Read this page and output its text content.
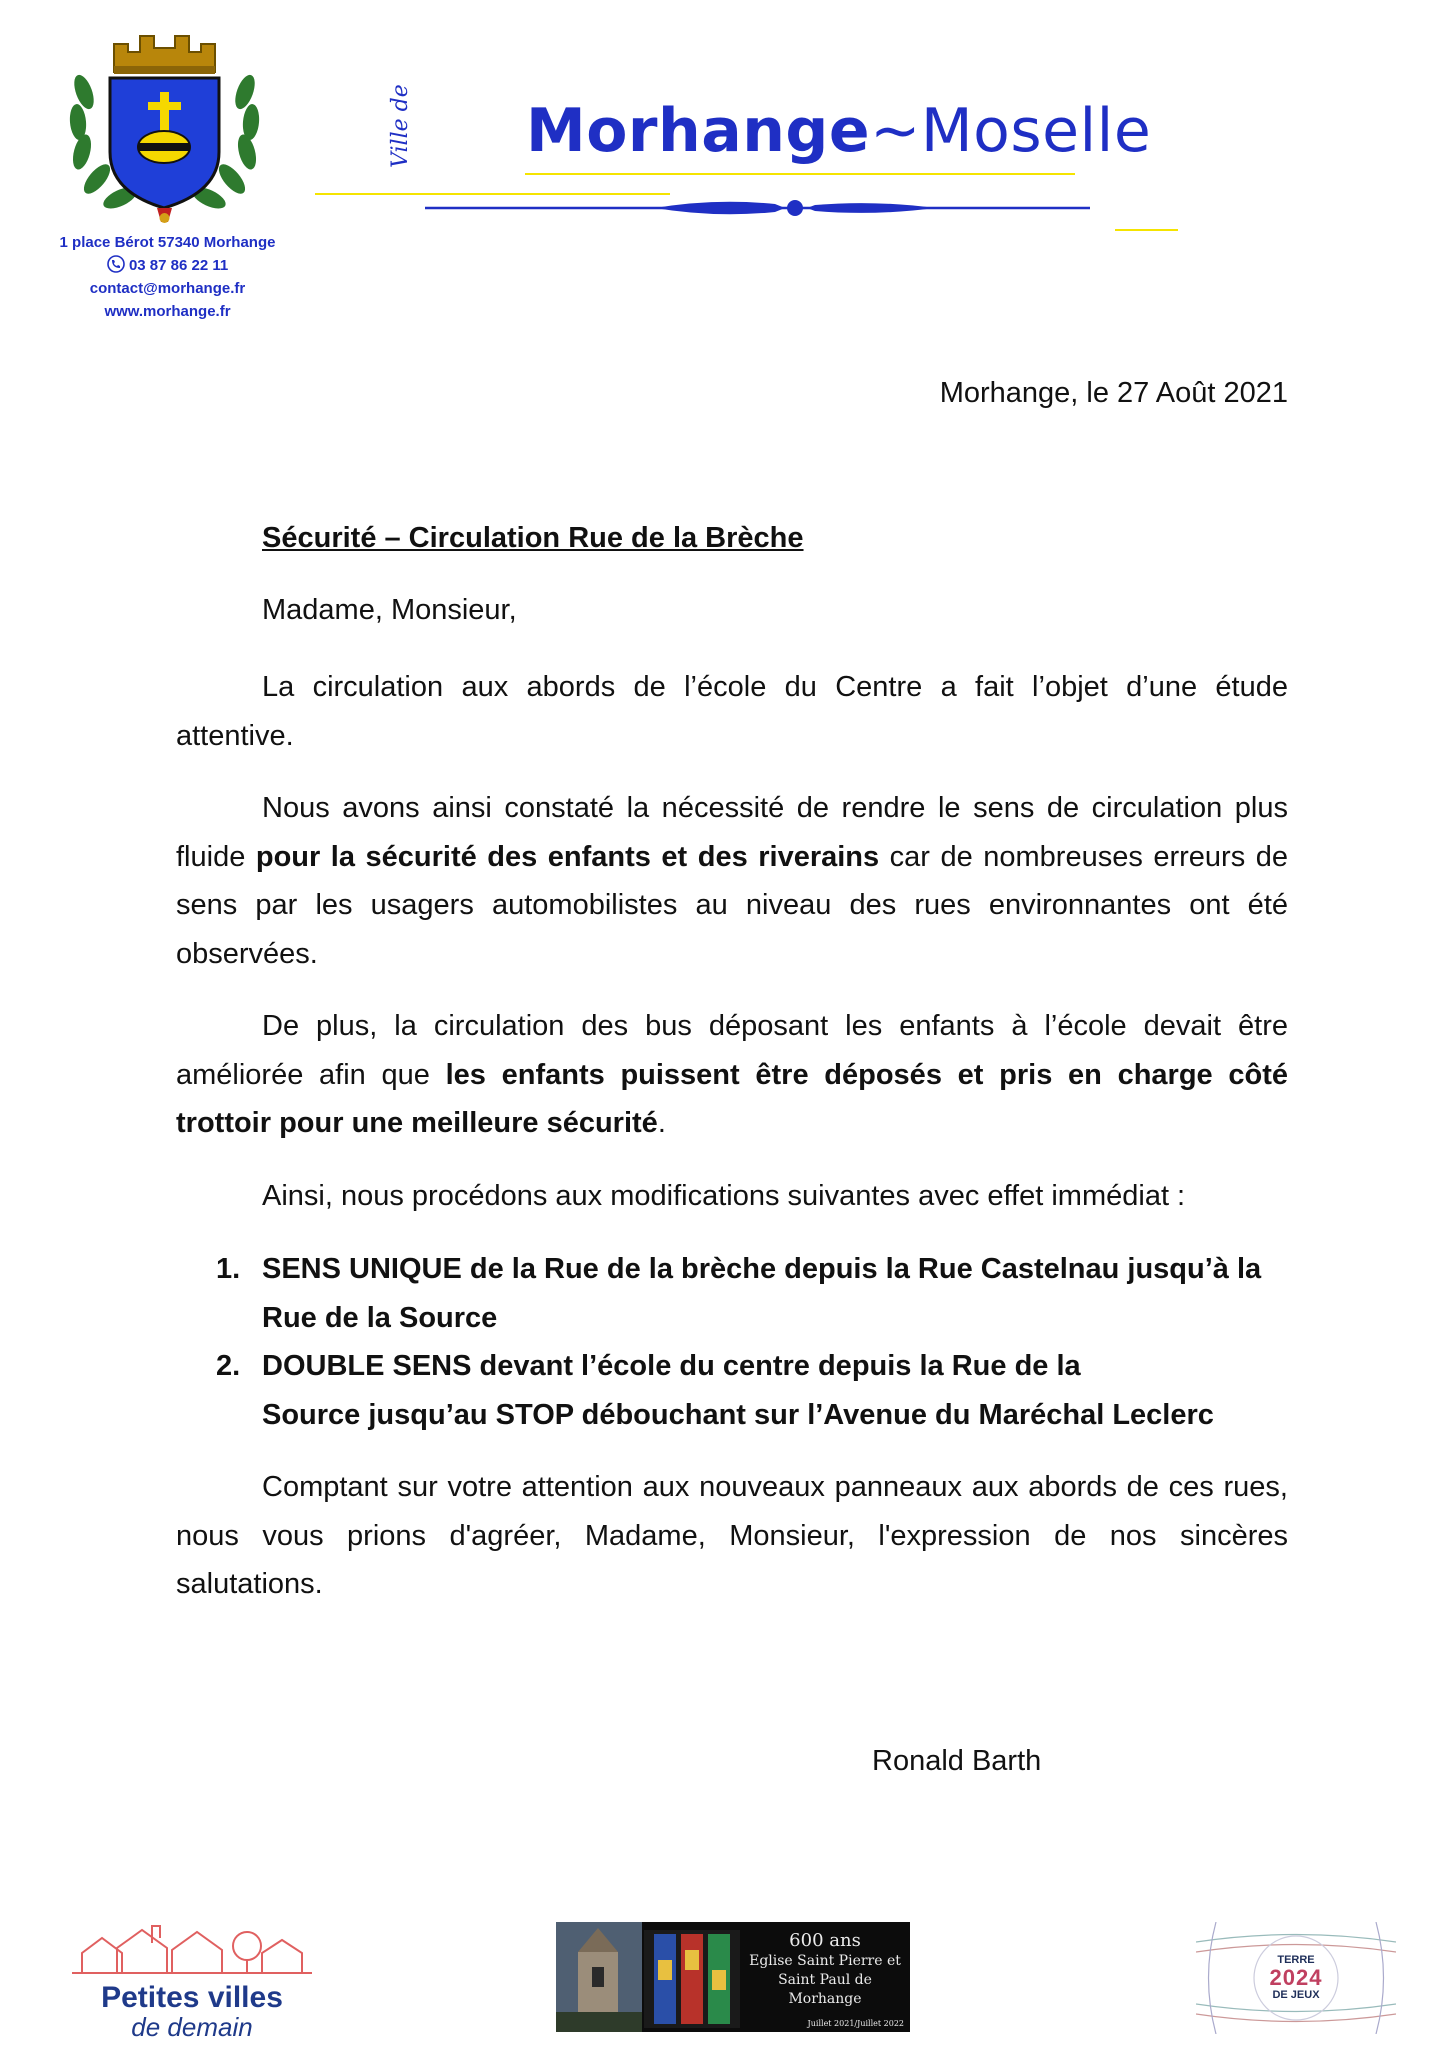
1 place Bérot 57340 Morhange
03 87 86 22 11
contact@morhange.fr
www.morhange.fr
Ville de Morhange~Moselle
Morhange, le 27 Août 2021
Sécurité – Circulation Rue de la Brèche
Madame, Monsieur,
La circulation aux abords de l’école du Centre a fait l’objet d’une étude attentive.
Nous avons ainsi constaté la nécessité de rendre le sens de circulation plus fluide pour la sécurité des enfants et des riverains car de nombreuses erreurs de sens par les usagers automobilistes au niveau des rues environnantes ont été observées.
De plus, la circulation des bus déposant les enfants à l’école devait être améliorée afin que les enfants puissent être déposés et pris en charge côté trottoir pour une meilleure sécurité.
Ainsi, nous procédons aux modifications suivantes avec effet immédiat :
1. SENS UNIQUE de la Rue de la brèche depuis la Rue Castelnau jusqu’à la
Rue de la Source
2. DOUBLE SENS devant l’école du centre depuis la Rue de la
Source jusqu’au STOP débouchant sur l’Avenue du Maréchal Leclerc
Comptant sur votre attention aux nouveaux panneaux aux abords de ces rues, nous vous prions d'agréer, Madame, Monsieur, l'expression de nos sincères salutations.
Ronald Barth
Petites villes
de demain
600 ans
Eglise Saint Pierre et
Saint Paul de Morhange
Juillet 2021/Juillet 2022
TERRE
2024
DE JEUX
